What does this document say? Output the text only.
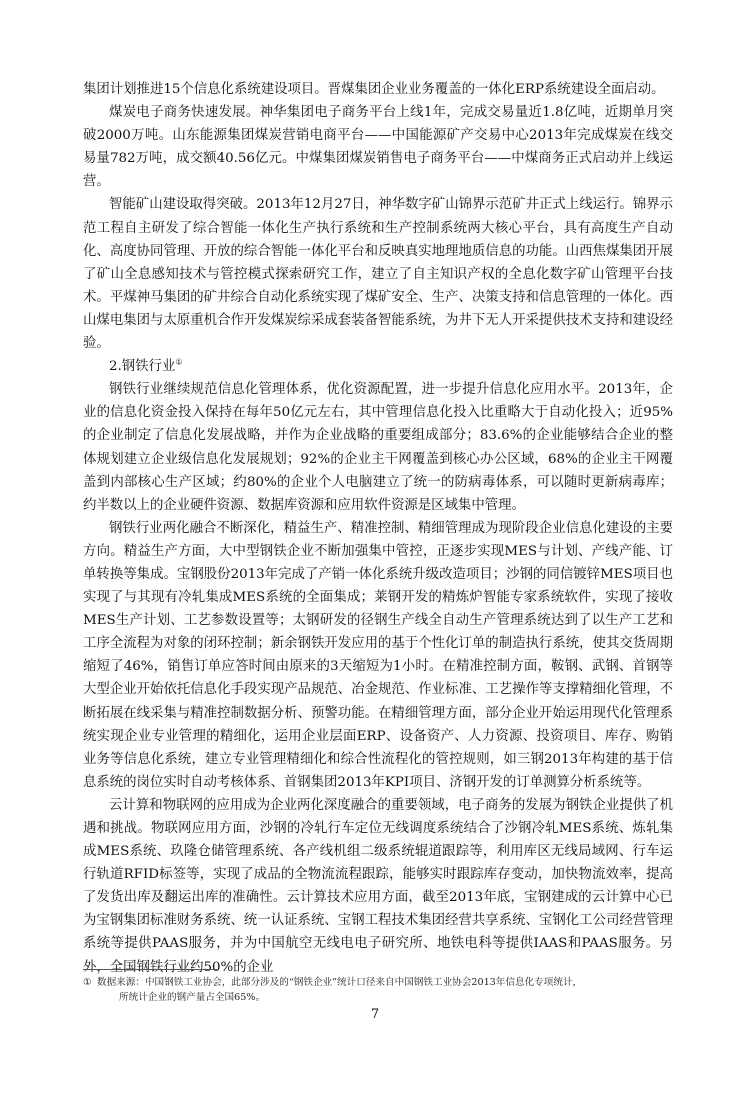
集团计划推进15个信息化系统建设项目。晋煤集团企业业务覆盖的一体化ERP系统建设全面启动。

煤炭电子商务快速发展。神华集团电子商务平台上线1年，完成交易量近1.8亿吨，近期单月突破2000万吨。山东能源集团煤炭营销电商平台——中国能源矿产交易中心2013年完成煤炭在线交易量782万吨，成交额40.56亿元。中煤集团煤炭销售电子商务平台——中煤商务正式启动并上线运营。

智能矿山建设取得突破。2013年12月27日，神华数字矿山锦界示范矿井正式上线运行。锦界示范工程自主研发了综合智能一体化生产执行系统和生产控制系统两大核心平台，具有高度生产自动化、高度协同管理、开放的综合智能一体化平台和反映真实地理地质信息的功能。山西焦煤集团开展了矿山全息感知技术与管控模式探索研究工作，建立了自主知识产权的全息化数字矿山管理平台技术。平煤神马集团的矿井综合自动化系统实现了煤矿安全、生产、决策支持和信息管理的一体化。西山煤电集团与太原重机合作开发煤炭综采成套装备智能系统，为井下无人开采提供技术支持和建设经验。

2.钢铁行业①

钢铁行业继续规范信息化管理体系，优化资源配置，进一步提升信息化应用水平。2013年，企业的信息化资金投入保持在每年50亿元左右，其中管理信息化投入比重略大于自动化投入；近95%的企业制定了信息化发展战略，并作为企业战略的重要组成部分；83.6%的企业能够结合企业的整体规划建立企业级信息化发展规划；92%的企业主干网覆盖到核心办公区域，68%的企业主干网覆盖到内部核心生产区域；约80%的企业个人电脑建立了统一的防病毒体系，可以随时更新病毒库；约半数以上的企业硬件资源、数据库资源和应用软件资源是区域集中管理。

钢铁行业两化融合不断深化，精益生产、精准控制、精细管理成为现阶段企业信息化建设的主要方向。精益生产方面，大中型钢铁企业不断加强集中管控，正逐步实现MES与计划、产线产能、订单转换等集成。宝钢股份2013年完成了产销一体化系统升级改造项目；沙钢的同信镀锌MES项目也实现了与其现有冷轧集成MES系统的全面集成；莱钢开发的精炼炉智能专家系统软件，实现了接收MES生产计划、工艺参数设置等；太钢研发的径钢生产线全自动生产管理系统达到了以生产工艺和工序全流程为对象的闭环控制；新余钢铁开发应用的基于个性化订单的制造执行系统，使其交货周期缩短了46%，销售订单应答时间由原来的3天缩短为1小时。在精准控制方面，鞍钢、武钢、首钢等大型企业开始依托信息化手段实现产品规范、冶金规范、作业标准、工艺操作等支撑精细化管理，不断拓展在线采集与精准控制数据分析、预警功能。在精细管理方面，部分企业开始运用现代化管理系统实现企业专业管理的精细化，运用企业层面ERP、设备资产、人力资源、投资项目、库存、购销业务等信息化系统，建立专业管理精细化和综合性流程化的管控规则，如三钢2013年构建的基于信息系统的岗位实时自动考核体系、首钢集团2013年KPI项目、济钢开发的订单测算分析系统等。

云计算和物联网的应用成为企业两化深度融合的重要领域，电子商务的发展为钢铁企业提供了机遇和挑战。物联网应用方面，沙钢的冷轧行车定位无线调度系统结合了沙钢冷轧MES系统、炼轧集成MES系统、玖隆仓储管理系统、各产线机组二级系统辊道跟踪等，利用库区无线局域网、行车运行轨道RFID标签等，实现了成品的全物流流程跟踪，能够实时跟踪库存变动，加快物流效率，提高了发货出库及翻运出库的准确性。云计算技术应用方面，截至2013年底，宝钢建成的云计算中心已为宝钢集团标准财务系统、统一认证系统、宝钢工程技术集团经营共享系统、宝钢化工公司经营管理系统等提供PAAS服务，并为中国航空无线电电子研究所、地铁电科等提供IAAS和PAAS服务。另外，全国钢铁行业约50%的企业

① 数据来源：中国钢铁工业协会，此部分涉及的“钢铁企业”统计口径来自中国钢铁工业协会2013年信息化专项统计，
所统计企业的钢产量占全国65%。
7
